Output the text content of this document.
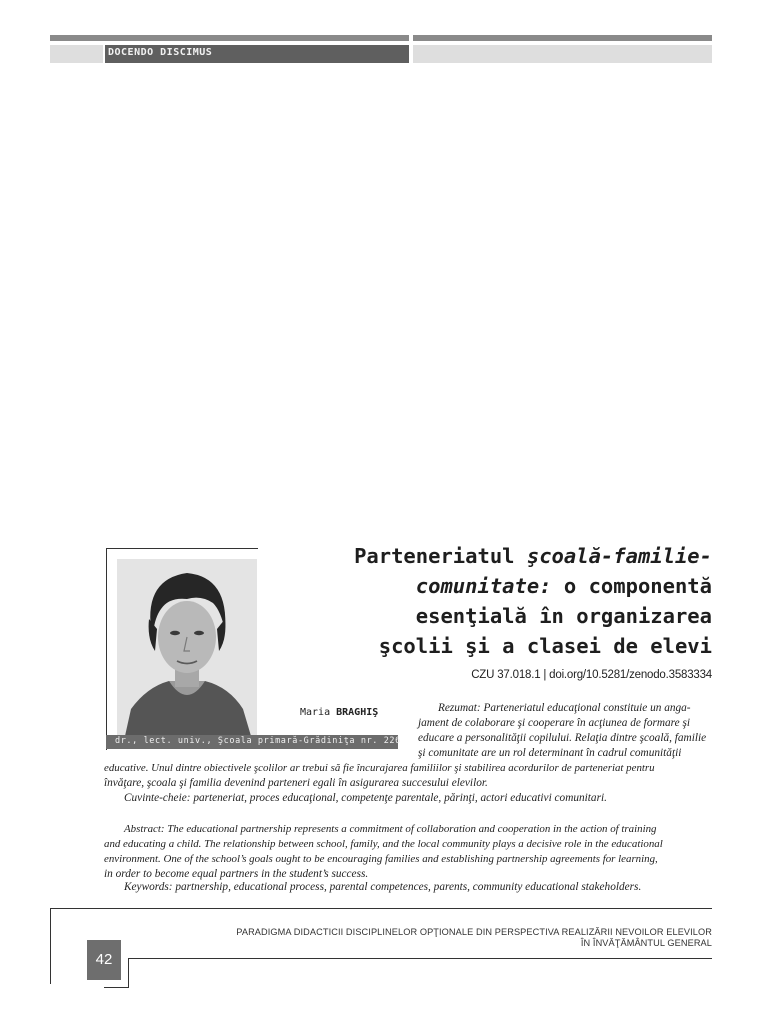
DOCENDO DISCIMUS
Maria BRAGHIŞ
dr., lect. univ., Şcoala primară-Grădiniţa nr. 226
Parteneriatul şcoală-familie-
comunitate: o componentă
esenţială în organizarea
şcolii şi a clasei de elevi
CZU 37.018.1 | doi.org/10.5281/zenodo.3583334
Rezumat: Parteneriatul educaţional constituie un anga-
jament de colaborare şi cooperare în acţiunea de formare şi
educare a personalităţii copilului. Relaţia dintre şcoală, familie
şi comunitate are un rol determinant în cadrul comunităţii
educative. Unul dintre obiectivele şcolilor ar trebui să fie încurajarea familiilor şi stabilirea acordurilor de parteneriat pentru
învăţare, şcoala şi familia devenind parteneri egali în asigurarea succesului elevilor.
Cuvinte-cheie: parteneriat, proces educaţional, competenţe parentale, părinţi, actori educativi comunitari.
Abstract: The educational partnership represents a commitment of collaboration and cooperation in the action of training
and educating a child. The relationship between school, family, and the local community plays a decisive role in the educational
environment. One of the school’s goals ought to be encouraging families and establishing partnership agreements for learning,
in order to become equal partners in the student’s success.
Keywords: partnership, educational process, parental competences, parents, community educational stakeholders.
PARADIGMA DIDACTICII DISCIPLINELOR OPŢIONALE DIN PERSPECTIVA REALIZĂRII NEVOILOR ELEVILOR
ÎN ÎNVĂŢĂMÂNTUL GENERAL
42
